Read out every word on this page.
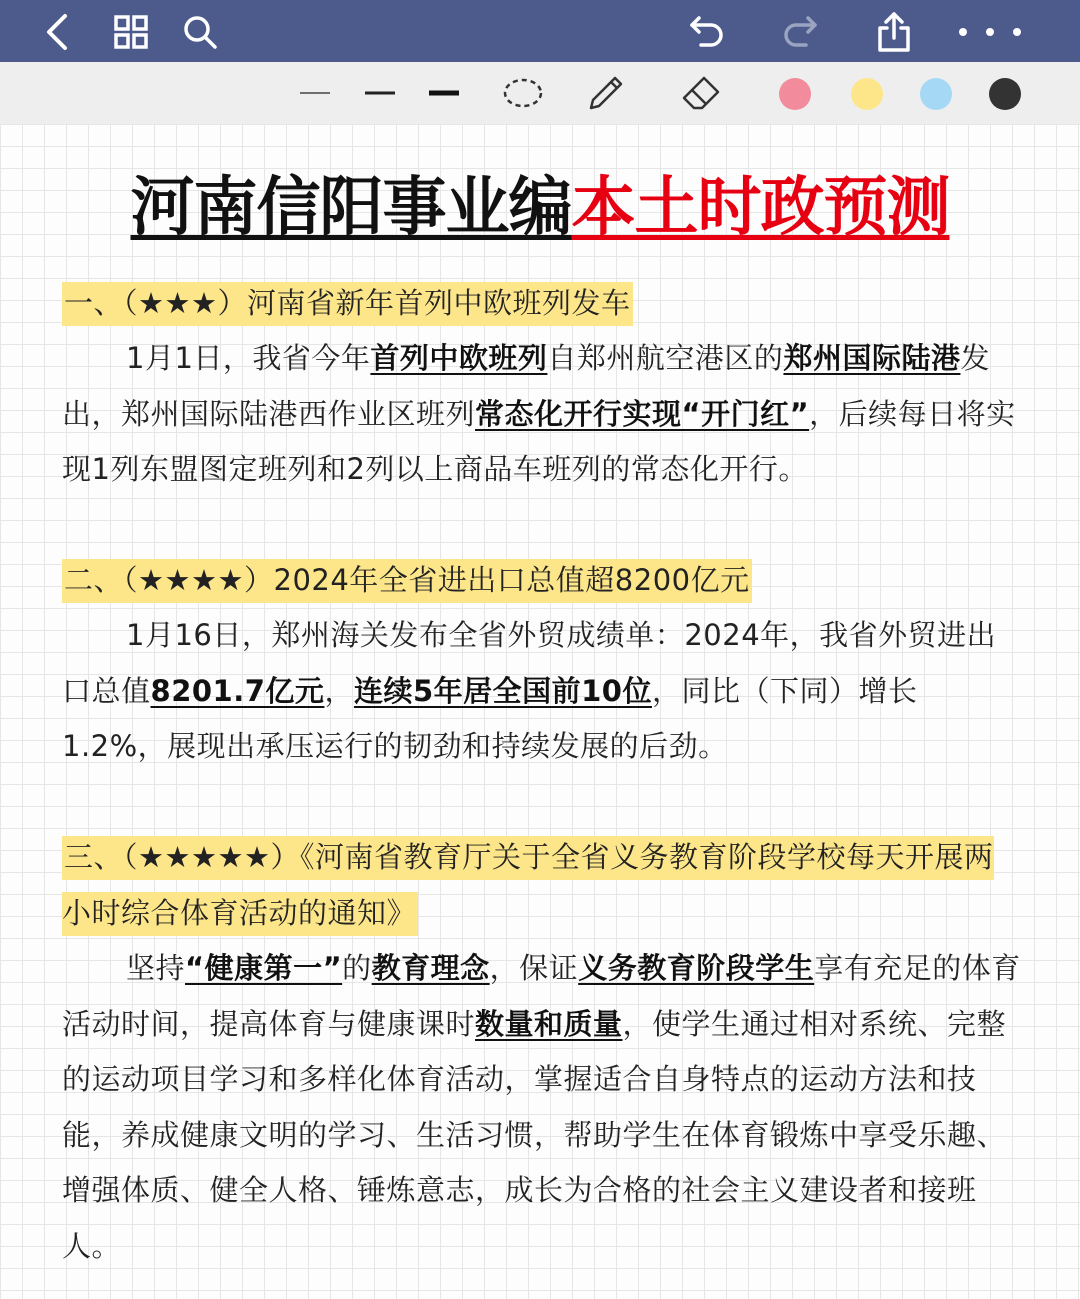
河南信阳事业编本土时政预测
一、（★★★）河南省新年首列中欧班列发车
1月1日，我省今年首列中欧班列自郑州航空港区的郑州国际陆港发出，郑州国际陆港西作业区班列常态化开行实现“开门红”，后续每日将实现1列东盟图定班列和2列以上商品车班列的常态化开行。
二、（★★★★）2024年全省进出口总值超8200亿元
1月16日，郑州海关发布全省外贸成绩单：2024年，我省外贸进出口总值8201.7亿元，连续5年居全国前10位，同比（下同）增长1.2%，展现出承压运行的韧劲和持续发展的后劲。
三、（★★★★★）《河南省教育厅关于全省义务教育阶段学校每天开展两小时综合体育活动的通知》
坚持“健康第一”的教育理念，保证义务教育阶段学生享有充足的体育活动时间，提高体育与健康课时数量和质量，使学生通过相对系统、完整的运动项目学习和多样化体育活动，掌握适合自身特点的运动方法和技能，养成健康文明的学习、生活习惯，帮助学生在体育锻炼中享受乐趣、增强体质、健全人格、锤炼意志，成长为合格的社会主义建设者和接班人。
